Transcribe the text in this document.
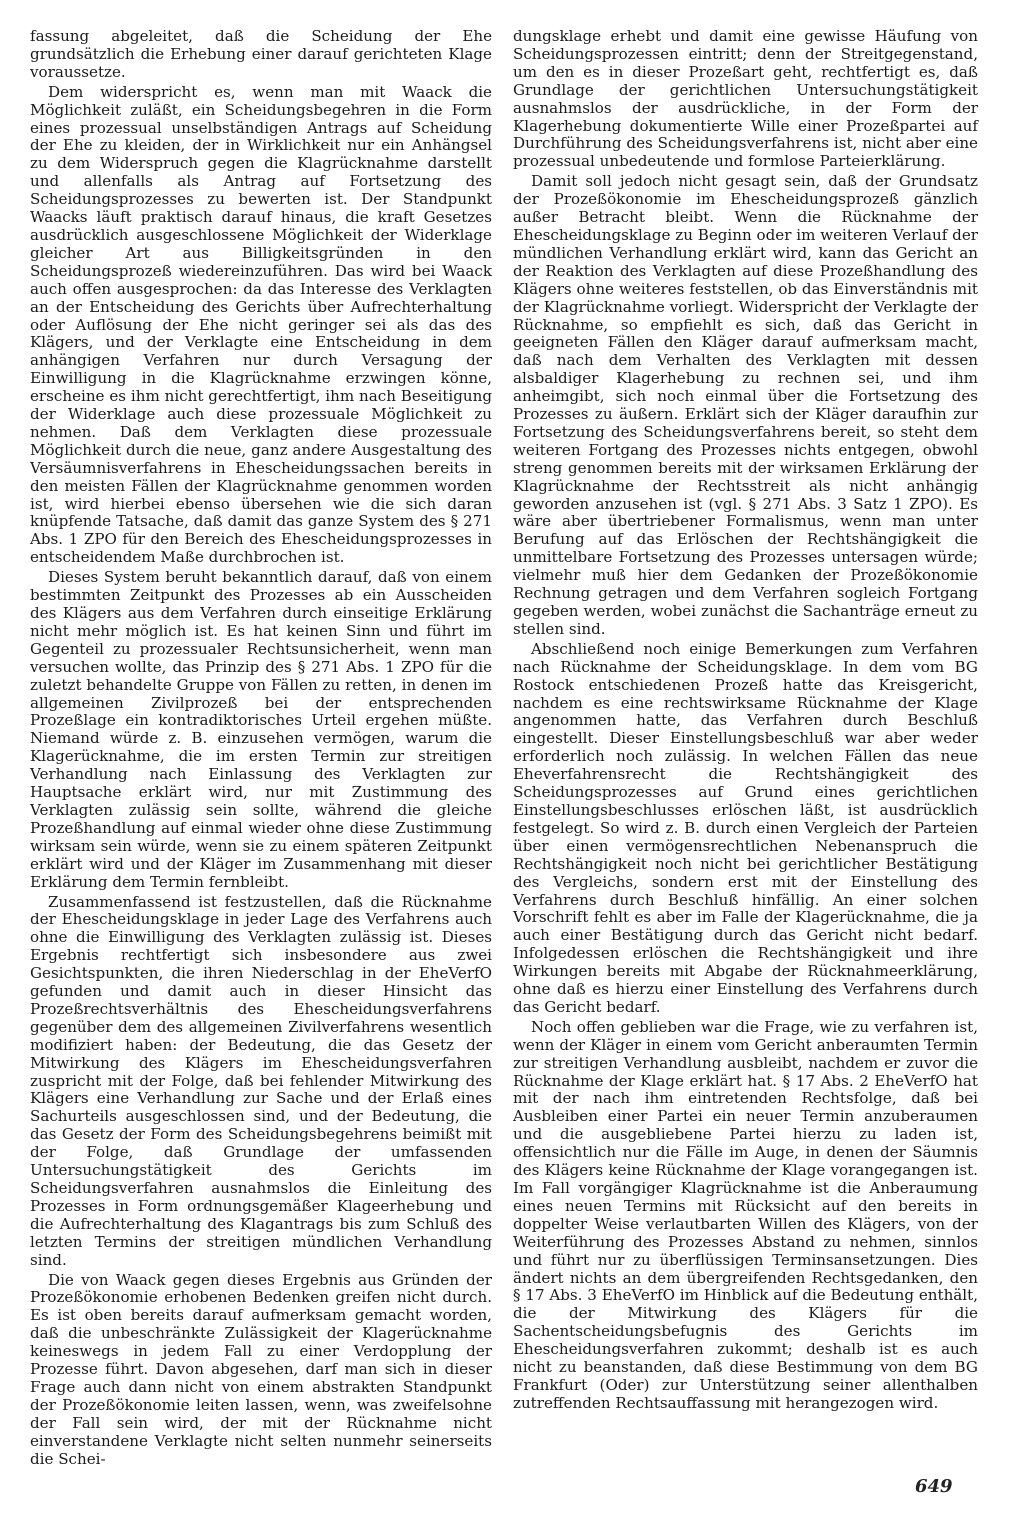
fassung abgeleitet, daß die Scheidung der Ehe grundsätzlich die Erhebung einer darauf gerichteten Klage voraussetze.

Dem widerspricht es, wenn man mit Waack die Möglichkeit zuläßt, ein Scheidungsbegehren in die Form eines prozessual unselbständigen Antrags auf Scheidung der Ehe zu kleiden, der in Wirklichkeit nur ein Anhängsel zu dem Widerspruch gegen die Klagrücknahme darstellt und allenfalls als Antrag auf Fortsetzung des Scheidungsprozesses zu bewerten ist. Der Standpunkt Waacks läuft praktisch darauf hinaus, die kraft Gesetzes ausdrücklich ausgeschlossene Möglichkeit der Widerklage gleicher Art aus Billigkeitsgründen in den Scheidungsprozeß wiedereinzuführen. Das wird bei Waack auch offen ausgesprochen: da das Interesse des Verklagten an der Entscheidung des Gerichts über Aufrechterhaltung oder Auflösung der Ehe nicht geringer sei als das des Klägers, und der Verklagte eine Entscheidung in dem anhängigen Verfahren nur durch Versagung der Einwilligung in die Klagrücknahme erzwingen könne, erscheine es ihm nicht gerechtfertigt, ihm nach Beseitigung der Widerklage auch diese prozessuale Möglichkeit zu nehmen. Daß dem Verklagten diese prozessuale Möglichkeit durch die neue, ganz andere Ausgestaltung des Versäumnisverfahrens in Ehescheidungssachen bereits in den meisten Fällen der Klagrücknahme genommen worden ist, wird hierbei ebenso übersehen wie die sich daran knüpfende Tatsache, daß damit das ganze System des § 271 Abs. 1 ZPO für den Bereich des Ehescheidungsprozesses in entscheidendem Maße durchbrochen ist.

Dieses System beruht bekanntlich darauf, daß von einem bestimmten Zeitpunkt des Prozesses ab ein Ausscheiden des Klägers aus dem Verfahren durch einseitige Erklärung nicht mehr möglich ist. Es hat keinen Sinn und führt im Gegenteil zu prozessualer Rechtsunsicherheit, wenn man versuchen wollte, das Prinzip des § 271 Abs. 1 ZPO für die zuletzt behandelte Gruppe von Fällen zu retten, in denen im allgemeinen Zivilprozeß bei der entsprechenden Prozeßlage ein kontradiktorisches Urteil ergehen müßte. Niemand würde z. B. einzusehen vermögen, warum die Klagerücknahme, die im ersten Termin zur streitigen Verhandlung nach Einlassung des Verklagten zur Hauptsache erklärt wird, nur mit Zustimmung des Verklagten zulässig sein sollte, während die gleiche Prozeßhandlung auf einmal wieder ohne diese Zustimmung wirksam sein würde, wenn sie zu einem späteren Zeitpunkt erklärt wird und der Kläger im Zusammenhang mit dieser Erklärung dem Termin fernbleibt.

Zusammenfassend ist festzustellen, daß die Rücknahme der Ehescheidungsklage in jeder Lage des Verfahrens auch ohne die Einwilligung des Verklagten zulässig ist. Dieses Ergebnis rechtfertigt sich insbesondere aus zwei Gesichtspunkten, die ihren Niederschlag in der EheVerfO gefunden und damit auch in dieser Hinsicht das Prozeßrechtsverhältnis des Ehescheidungsverfahrens gegenüber dem des allgemeinen Zivilverfahrens wesentlich modifiziert haben: der Bedeutung, die das Gesetz der Mitwirkung des Klägers im Ehescheidungsverfahren zuspricht mit der Folge, daß bei fehlender Mitwirkung des Klägers eine Verhandlung zur Sache und der Erlaß eines Sachurteils ausgeschlossen sind, und der Bedeutung, die das Gesetz der Form des Scheidungsbegehrens beimißt mit der Folge, daß Grundlage der umfassenden Untersuchungstätigkeit des Gerichts im Scheidungsverfahren ausnahmslos die Einleitung des Prozesses in Form ordnungsgemäßer Klageerhebung und die Aufrechterhaltung des Klagantrags bis zum Schluß des letzten Termins der streitigen mündlichen Verhandlung sind.

Die von Waack gegen dieses Ergebnis aus Gründen der Prozeßökonomie erhobenen Bedenken greifen nicht durch. Es ist oben bereits darauf aufmerksam gemacht worden, daß die unbeschränkte Zulässigkeit der Klagerücknahme keineswegs in jedem Fall zu einer Verdopplung der Prozesse führt. Davon abgesehen, darf man sich in dieser Frage auch dann nicht von einem abstrakten Standpunkt der Prozeßökonomie leiten lassen, wenn, was zweifelsohne der Fall sein wird, der mit der Rücknahme nicht einverstandene Verklagte nicht selten nunmehr seinerseits die Schei-

dungsklage erhebt und damit eine gewisse Häufung von Scheidungsprozessen eintritt; denn der Streitgegenstand, um den es in dieser Prozeßart geht, rechtfertigt es, daß Grundlage der gerichtlichen Untersuchungstätigkeit ausnahmslos der ausdrückliche, in der Form der Klagerhebung dokumentierte Wille einer Prozeßpartei auf Durchführung des Scheidungsverfahrens ist, nicht aber eine prozessual unbedeutende und formlose Parteierklärung.

Damit soll jedoch nicht gesagt sein, daß der Grundsatz der Prozeßökonomie im Ehescheidungsprozeß gänzlich außer Betracht bleibt. Wenn die Rücknahme der Ehescheidungsklage zu Beginn oder im weiteren Verlauf der mündlichen Verhandlung erklärt wird, kann das Gericht an der Reaktion des Verklagten auf diese Prozeßhandlung des Klägers ohne weiteres feststellen, ob das Einverständnis mit der Klagrücknahme vorliegt. Widerspricht der Verklagte der Rücknahme, so empfiehlt es sich, daß das Gericht in geeigneten Fällen den Kläger darauf aufmerksam macht, daß nach dem Verhalten des Verklagten mit dessen alsbaldiger Klagerhebung zu rechnen sei, und ihm anheimgibt, sich noch einmal über die Fortsetzung des Prozesses zu äußern. Erklärt sich der Kläger daraufhin zur Fortsetzung des Scheidungsverfahrens bereit, so steht dem weiteren Fortgang des Prozesses nichts entgegen, obwohl streng genommen bereits mit der wirksamen Erklärung der Klagrücknahme der Rechtsstreit als nicht anhängig geworden anzusehen ist (vgl. § 271 Abs. 3 Satz 1 ZPO). Es wäre aber übertriebener Formalismus, wenn man unter Berufung auf das Erlöschen der Rechtshängigkeit die unmittelbare Fortsetzung des Prozesses untersagen würde; vielmehr muß hier dem Gedanken der Prozeßökonomie Rechnung getragen und dem Verfahren sogleich Fortgang gegeben werden, wobei zunächst die Sachanträge erneut zu stellen sind.

Abschließend noch einige Bemerkungen zum Verfahren nach Rücknahme der Scheidungsklage. In dem vom BG Rostock entschiedenen Prozeß hatte das Kreisgericht, nachdem es eine rechtswirksame Rücknahme der Klage angenommen hatte, das Verfahren durch Beschluß eingestellt. Dieser Einstellungsbeschluß war aber weder erforderlich noch zulässig. In welchen Fällen das neue Eheverfahrensrecht die Rechtshängigkeit des Scheidungsprozesses auf Grund eines gerichtlichen Einstellungsbeschlusses erlöschen läßt, ist ausdrücklich festgelegt. So wird z. B. durch einen Vergleich der Parteien über einen vermögensrechtlichen Nebenanspruch die Rechtshängigkeit noch nicht bei gerichtlicher Bestätigung des Vergleichs, sondern erst mit der Einstellung des Verfahrens durch Beschluß hinfällig. An einer solchen Vorschrift fehlt es aber im Falle der Klagerücknahme, die ja auch einer Bestätigung durch das Gericht nicht bedarf. Infolgedessen erlöschen die Rechtshängigkeit und ihre Wirkungen bereits mit Abgabe der Rücknahmeerklärung, ohne daß es hierzu einer Einstellung des Verfahrens durch das Gericht bedarf.

Noch offen geblieben war die Frage, wie zu verfahren ist, wenn der Kläger in einem vom Gericht anberaumten Termin zur streitigen Verhandlung ausbleibt, nachdem er zuvor die Rücknahme der Klage erklärt hat. § 17 Abs. 2 EheVerfO hat mit der nach ihm eintretenden Rechtsfolge, daß bei Ausbleiben einer Partei ein neuer Termin anzuberaumen und die ausgebliebene Partei hierzu zu laden ist, offensichtlich nur die Fälle im Auge, in denen der Säumnis des Klägers keine Rücknahme der Klage vorangegangen ist. Im Fall vorgängiger Klagrücknahme ist die Anberaumung eines neuen Termins mit Rücksicht auf den bereits in doppelter Weise verlautbarten Willen des Klägers, von der Weiterführung des Prozesses Abstand zu nehmen, sinnlos und führt nur zu überflüssigen Terminsansetzungen. Dies ändert nichts an dem übergreifenden Rechtsgedanken, den § 17 Abs. 3 EheVerfO im Hinblick auf die Bedeutung enthält, die der Mitwirkung des Klägers für die Sachentscheidungsbefugnis des Gerichts im Ehescheidungsverfahren zukommt; deshalb ist es auch nicht zu beanstanden, daß diese Bestimmung von dem BG Frankfurt (Oder) zur Unterstützung seiner allenthalben zutreffenden Rechtsauffassung mit herangezogen wird.

649
